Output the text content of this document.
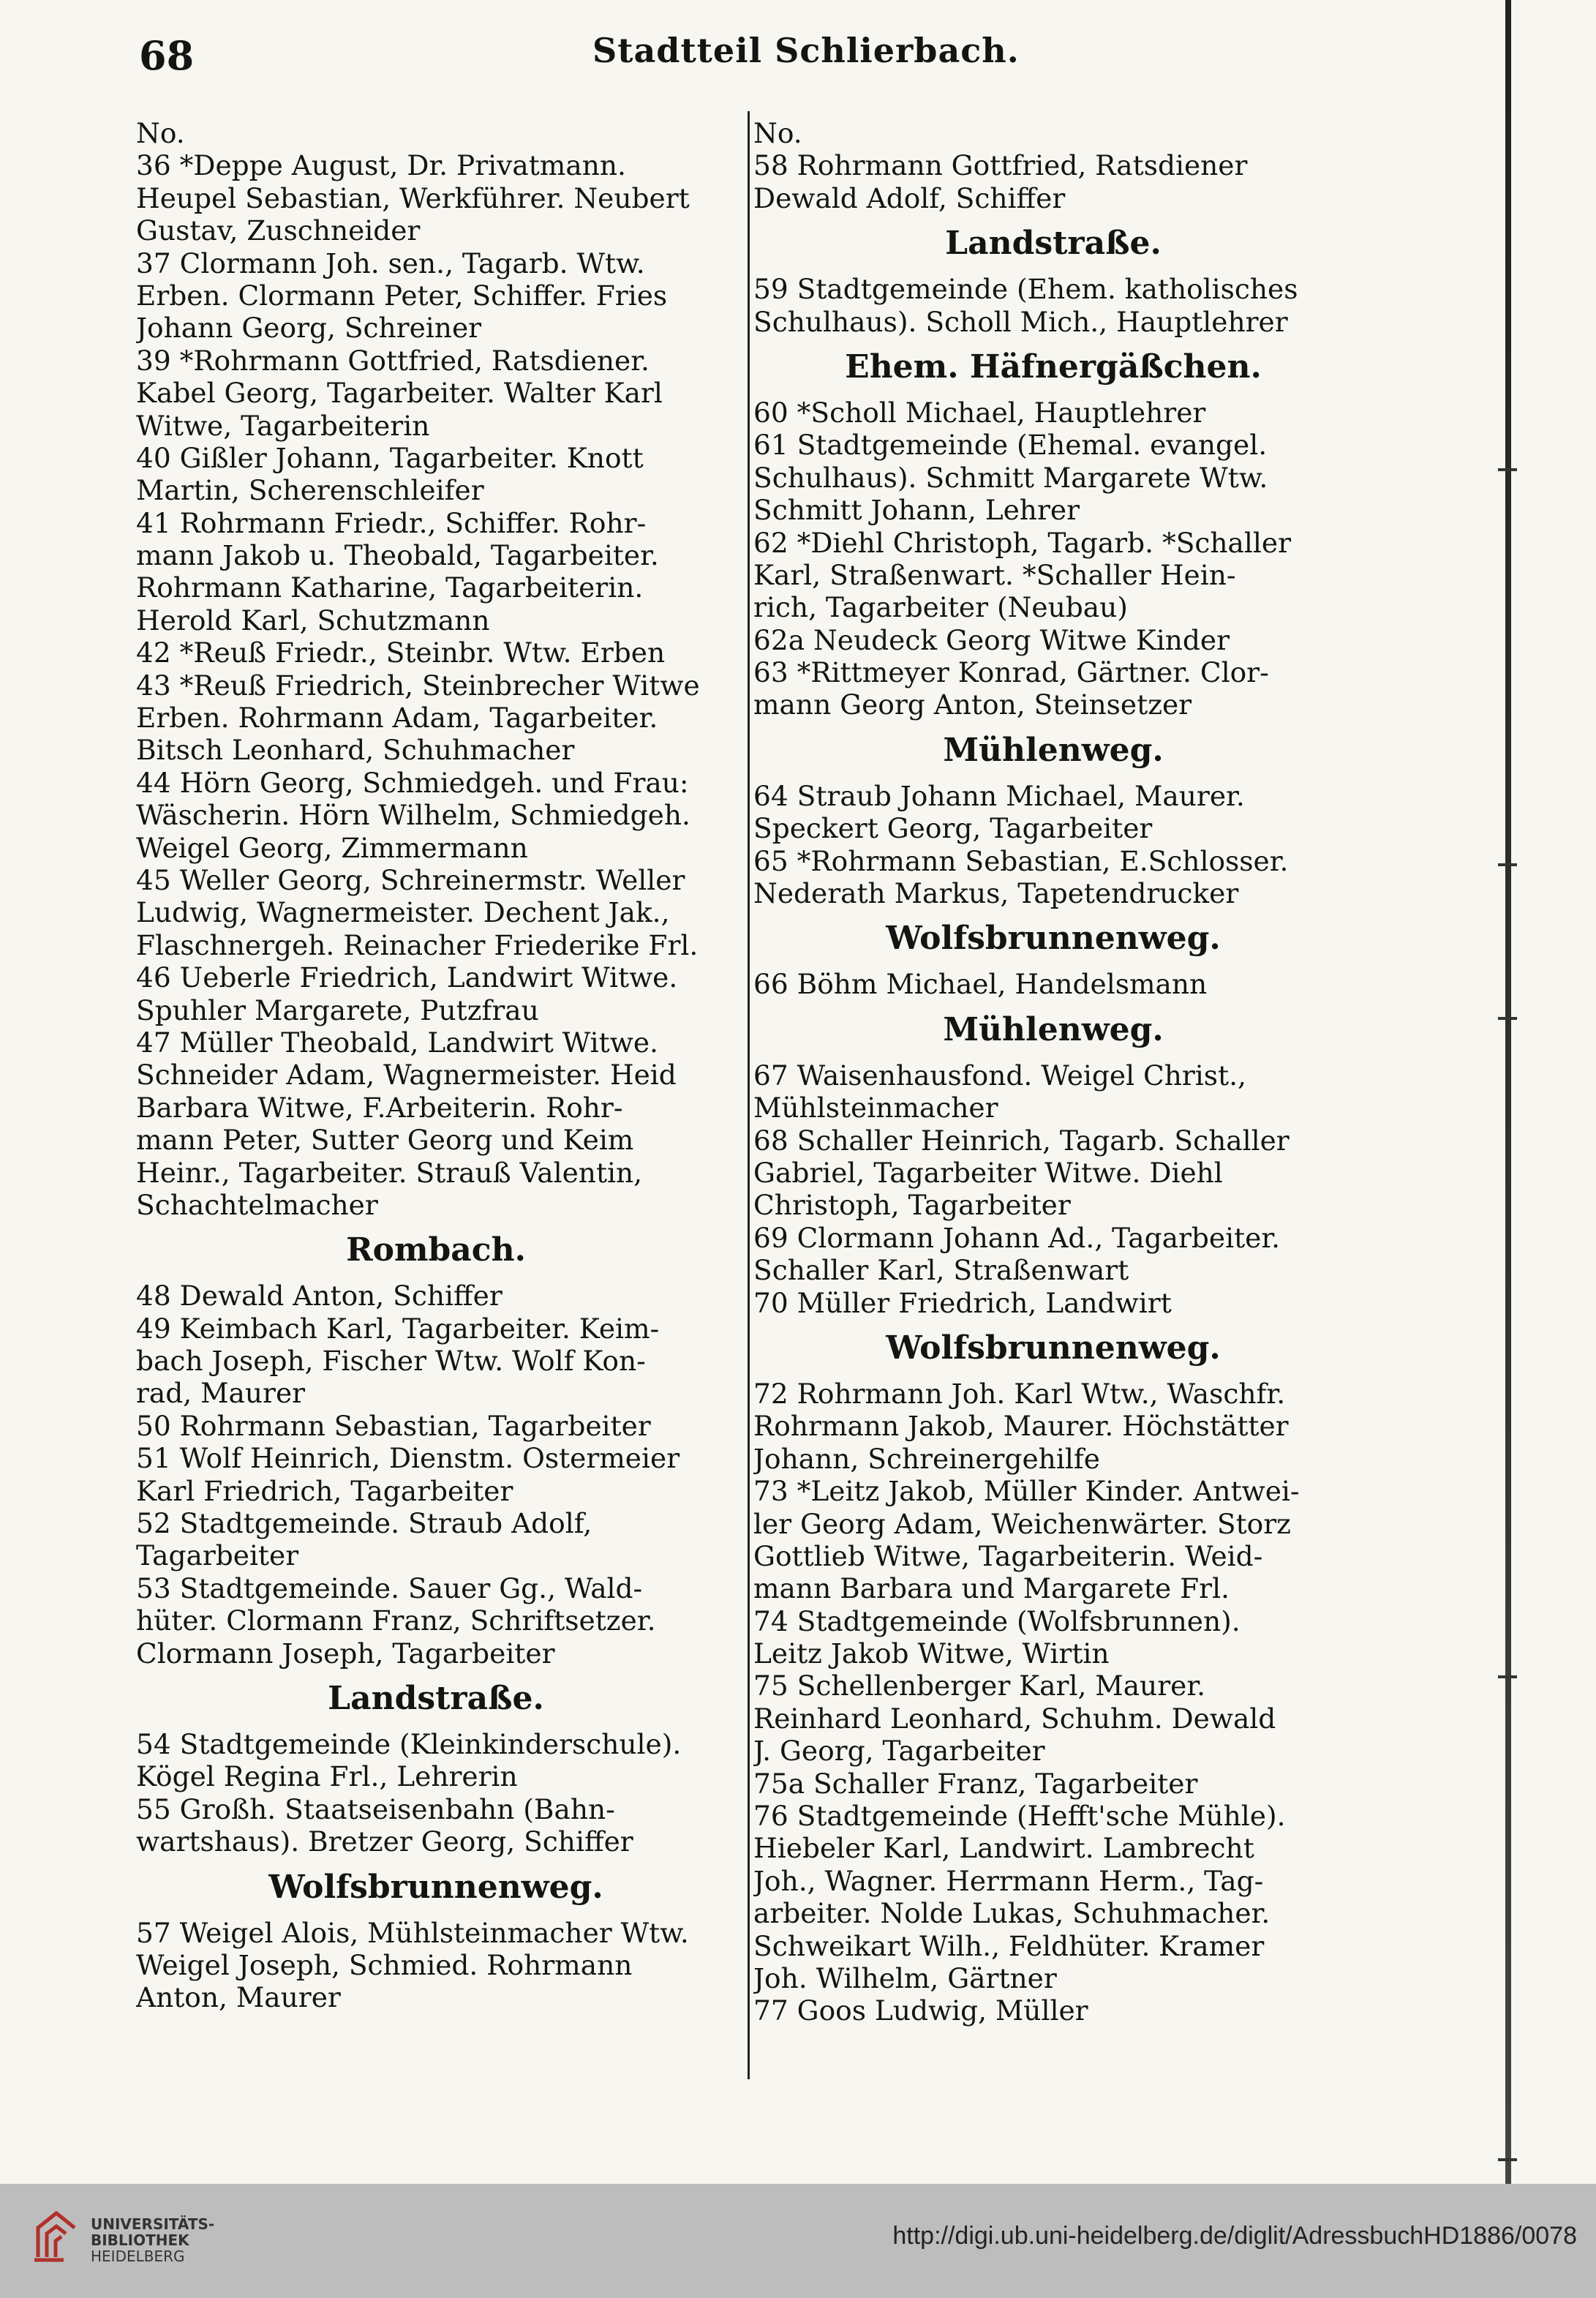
68	Stadtteil Schlierbach.
No.
36 *Deppe August, Dr. Privatmann.
Heupel Sebastian, Werkführer. Neubert
Gustav, Zuschneider
37 Clormann Joh. sen., Tagarb. Wtw.
Erben. Clormann Peter, Schiffer. Fries
Johann Georg, Schreiner
39 *Rohrmann Gottfried, Ratsdiener.
Kabel Georg, Tagarbeiter. Walter Karl
Witwe, Tagarbeiterin
40 Gißler Johann, Tagarbeiter. Knott
Martin, Scherenschleifer
41 Rohrmann Friedr., Schiffer. Rohr-
mann Jakob u. Theobald, Tagarbeiter.
Rohrmann Katharine, Tagarbeiterin.
Herold Karl, Schutzmann
42 *Reuß Friedr., Steinbr. Wtw. Erben
43 *Reuß Friedrich, Steinbrecher Witwe
Erben. Rohrmann Adam, Tagarbeiter.
Bitsch Leonhard, Schuhmacher
44 Hörn Georg, Schmiedgeh. und Frau:
Wäscherin. Hörn Wilhelm, Schmiedgeh.
Weigel Georg, Zimmermann
45 Weller Georg, Schreinermstr. Weller
Ludwig, Wagnermeister. Dechent Jak.,
Flaschnergeh. Reinacher Friederike Frl.
46 Ueberle Friedrich, Landwirt Witwe.
Spuhler Margarete, Putzfrau
47 Müller Theobald, Landwirt Witwe.
Schneider Adam, Wagnermeister. Heid
Barbara Witwe, F.Arbeiterin. Rohr-
mann Peter, Sutter Georg und Keim
Heinr., Tagarbeiter. Strauß Valentin,
Schachtelmacher
Rombach.
48 Dewald Anton, Schiffer
49 Keimbach Karl, Tagarbeiter. Keim-
bach Joseph, Fischer Wtw. Wolf Kon-
rad, Maurer
50 Rohrmann Sebastian, Tagarbeiter
51 Wolf Heinrich, Dienstm. Ostermeier
Karl Friedrich, Tagarbeiter
52 Stadtgemeinde. Straub Adolf,
Tagarbeiter
53 Stadtgemeinde. Sauer Gg., Wald-
hüter. Clormann Franz, Schriftsetzer.
Clormann Joseph, Tagarbeiter
Landstraße.
54 Stadtgemeinde (Kleinkinderschule).
Kögel Regina Frl., Lehrerin
55 Großh. Staatseisenbahn (Bahn-
wartshaus). Bretzer Georg, Schiffer
Wolfsbrunnenweg.
57 Weigel Alois, Mühlsteinmacher Wtw.
Weigel Joseph, Schmied. Rohrmann
Anton, Maurer
No.
58 Rohrmann Gottfried, Ratsdiener
Dewald Adolf, Schiffer
Landstraße.
59 Stadtgemeinde (Ehem. katholisches
Schulhaus). Scholl Mich., Hauptlehrer
Ehem. Häfnergäßchen.
60 *Scholl Michael, Hauptlehrer
61 Stadtgemeinde (Ehemal. evangel.
Schulhaus). Schmitt Margarete Wtw.
Schmitt Johann, Lehrer
62 *Diehl Christoph, Tagarb. *Schaller
Karl, Straßenwart. *Schaller Hein-
rich, Tagarbeiter (Neubau)
62a Neudeck Georg Witwe Kinder
63 *Rittmeyer Konrad, Gärtner. Clor-
mann Georg Anton, Steinsetzer
Mühlenweg.
64 Straub Johann Michael, Maurer.
Speckert Georg, Tagarbeiter
65 *Rohrmann Sebastian, E.Schlosser.
Nederath Markus, Tapetendrucker
Wolfsbrunnenweg.
66 Böhm Michael, Handelsmann
Mühlenweg.
67 Waisenhausfond. Weigel Christ.,
Mühlsteinmacher
68 Schaller Heinrich, Tagarb. Schaller
Gabriel, Tagarbeiter Witwe. Diehl
Christoph, Tagarbeiter
69 Clormann Johann Ad., Tagarbeiter.
Schaller Karl, Straßenwart
70 Müller Friedrich, Landwirt
Wolfsbrunnenweg.
72 Rohrmann Joh. Karl Wtw., Waschfr.
Rohrmann Jakob, Maurer. Höchstätter
Johann, Schreinergehilfe
73 *Leitz Jakob, Müller Kinder. Antwei-
ler Georg Adam, Weichenwärter. Storz
Gottlieb Witwe, Tagarbeiterin. Weid-
mann Barbara und Margarete Frl.
74 Stadtgemeinde (Wolfsbrunnen).
Leitz Jakob Witwe, Wirtin
75 Schellenberger Karl, Maurer.
Reinhard Leonhard, Schuhm. Dewald
J. Georg, Tagarbeiter
75a Schaller Franz, Tagarbeiter
76 Stadtgemeinde (Hefft'sche Mühle).
Hiebeler Karl, Landwirt. Lambrecht
Joh., Wagner. Herrmann Herm., Tag-
arbeiter. Nolde Lukas, Schuhmacher.
Schweikart Wilh., Feldhüter. Kramer
Joh. Wilhelm, Gärtner
77 Goos Ludwig, Müller
UNIVERSITÄTS-
BIBLIOTHEK
HEIDELBERG
http://digi.ub.uni-heidelberg.de/diglit/AdressbuchHD1886/0078
